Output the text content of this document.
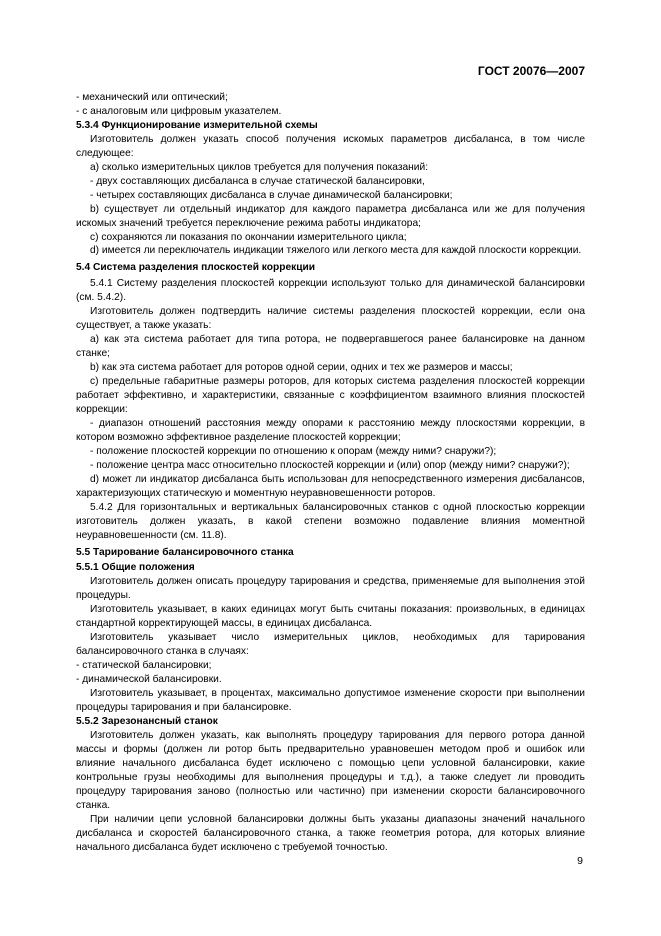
ГОСТ 20076—2007

- механический или оптический;

- с аналоговым или цифровым указателем.

5.3.4 Функционирование измерительной схемы

Изготовитель должен указать способ получения искомых параметров дисбаланса, в том числе следующее:

а) сколько измерительных циклов требуется для получения показаний:

- двух составляющих дисбаланса в случае статической балансировки,

- четырех составляющих дисбаланса в случае динамической балансировки;

b) существует ли отдельный индикатор для каждого параметра дисбаланса или же для получения искомых значений требуется переключение режима работы индикатора;

с) сохраняются ли показания по окончании измерительного цикла;

d) имеется ли переключатель индикации тяжелого или легкого места для каждой плоскости коррекции.

5.4 Система разделения плоскостей коррекции

5.4.1 Систему разделения плоскостей коррекции используют только для динамической балансировки (см. 5.4.2).

Изготовитель должен подтвердить наличие системы разделения плоскостей коррекции, если она существует, а также указать:

а) как эта система работает для типа ротора, не подвергавшегося ранее балансировке на данном станке;

b) как эта система работает для роторов одной серии, одних и тех же размеров и массы;

с) предельные габаритные размеры роторов, для которых система разделения плоскостей коррекции работает эффективно, и характеристики, связанные с коэффициентом взаимного влияния плоскостей коррекции:

- диапазон отношений расстояния между опорами к расстоянию между плоскостями коррекции, в котором возможно эффективное разделение плоскостей коррекции;

- положение плоскостей коррекции по отношению к опорам (между ними? снаружи?);

- положение центра масс относительно плоскостей коррекции и (или) опор (между ними? снаружи?);

d) может ли индикатор дисбаланса быть использован для непосредственного измерения дисбалансов, характеризующих статическую и моментную неуравновешенности роторов.

5.4.2 Для горизонтальных и вертикальных балансировочных станков с одной плоскостью коррекции изготовитель должен указать, в какой степени возможно подавление влияния моментной неуравновешенности (см. 11.8).

5.5 Тарирование балансировочного станка

5.5.1 Общие положения

Изготовитель должен описать процедуру тарирования и средства, применяемые для выполнения этой процедуры.

Изготовитель указывает, в каких единицах могут быть считаны показания: произвольных, в единицах стандартной корректирующей массы, в единицах дисбаланса.

Изготовитель указывает число измерительных циклов, необходимых для тарирования балансировочного станка в случаях:

- статической балансировки;

- динамической балансировки.

Изготовитель указывает, в процентах, максимально допустимое изменение скорости при выполнении процедуры тарирования и при балансировке.

5.5.2 Зарезонансный станок

Изготовитель должен указать, как выполнять процедуру тарирования для первого ротора данной массы и формы (должен ли ротор быть предварительно уравновешен методом проб и ошибок или влияние начального дисбаланса будет исключено с помощью цепи условной балансировки, какие контрольные грузы необходимы для выполнения процедуры и т.д.), а также следует ли проводить процедуру тарирования заново (полностью или частично) при изменении скорости балансировочного станка.

При наличии цепи условной балансировки должны быть указаны диапазоны значений начального дисбаланса и скоростей балансировочного станка, а также геометрия ротора, для которых влияние начального дисбаланса будет исключено с требуемой точностью.

9
